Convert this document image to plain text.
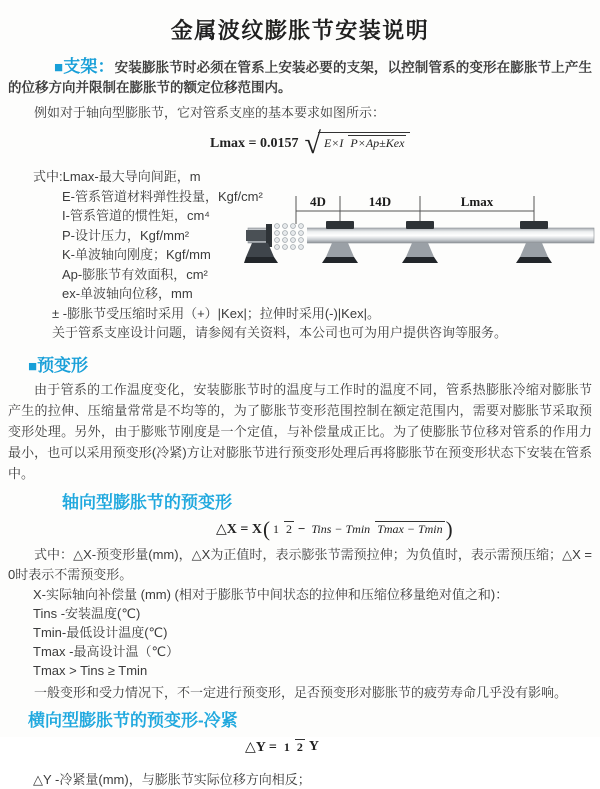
金属波纹膨胀节安装说明

■支架：安装膨胀节时必须在管系上安装必要的支架，以控制管系的变形在膨胀节上产生的位移方向并限制在膨胀节的额定位移范围内。

例如对于轴向型膨胀节，它对管系支座的基本要求如图所示：

Lmax = 0.0157 √ E×I P×Ap±Kex
式中:Lmax-最大导向间距，m
E-管系管道材料弹性投量，Kgf/cm²
I-管系管道的惯性矩，cm⁴
P-设计压力，Kgf/mm²
K-单波轴向刚度；Kgf/mm
Ap-膨胀节有效面积，cm²
ex-单波轴向位移，mm
± -膨胀节受压缩时采用（+）|Kex|；拉伸时采用(-)|Kex|。
关于管系支座设计问题，请参阅有关资料，本公司也可为用户提供咨询等服务。
4D	14D	Lmax
■预变形

由于管系的工作温度变化，安装膨胀节时的温度与工作时的温度不同，管系热膨胀冷缩对膨胀节产生的拉伸、压缩量常常是不均等的，为了膨胀节变形范围控制在额定范围内，需要对膨胀节采取预变形处理。另外，由于膨账节刚度是一个定值，与补偿量成正比。为了使膨胀节位移对管系的作用力最小，也可以采用预变形(冷紧)方让对膨胀节进行预变形处理后再将膨胀节在预变形状态下安装在管系中。

轴向型膨胀节的预变形
△X = X ( 1 2 − Tins − Tmin Tmax − Tmin )

式中：△X-预变形量(mm)，△X为正值时，表示膨张节需预拉伸；为负值时，表示需预压缩；△X = 0时表示不需预变形。

X-实际轴向补偿量 (mm) (相对于膨胀节中间状态的拉伸和压缩位移量绝对值之和)：
Tins -安装温度(℃)
Tmin-最低设计温度(℃)
Tmax -最高设计温（℃）
Tmax > Tins ≥ Tmin

一般变形和受力情况下，不一定进行预变形，足否预变形对膨胀节的疲劳寿命几乎没有影响。

横向型膨胀节的预变形-冷紧
△Y = 1 2 Y

△Y -冷紧量(mm)，与膨胀节实际位移方向相反；
